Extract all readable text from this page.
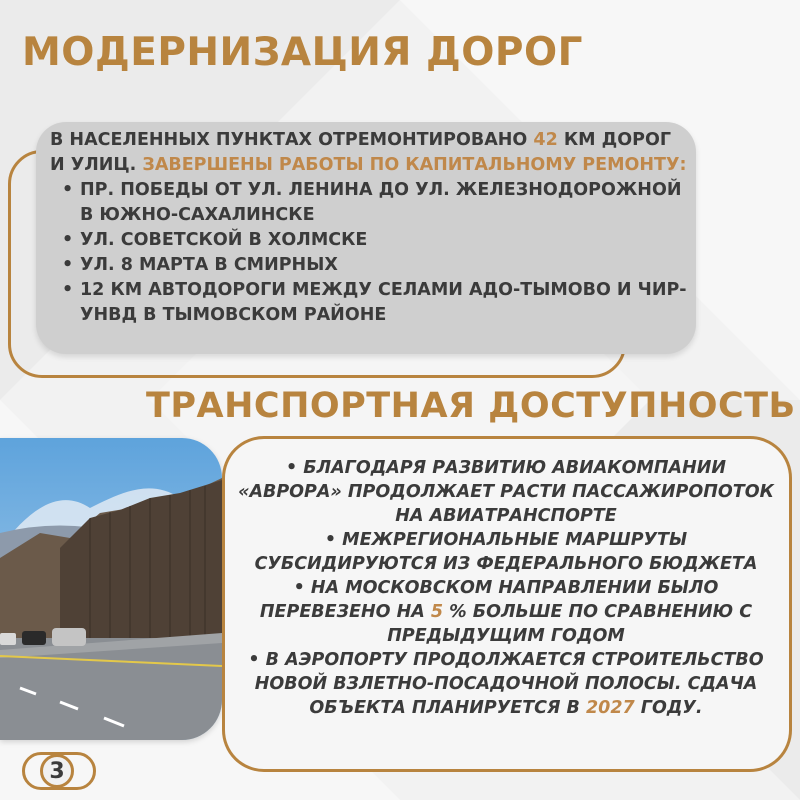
МОДЕРНИЗАЦИЯ ДОРОГ

В НАСЕЛЕННЫХ ПУНКТАХ ОТРЕМОНТИРОВАНО 42 КМ ДОРОГ И УЛИЦ. ЗАВЕРШЕНЫ РАБОТЫ ПО КАПИТАЛЬНОМУ РЕМОНТУ:

• ПР. ПОБЕДЫ ОТ УЛ. ЛЕНИНА ДО УЛ. ЖЕЛЕЗНОДОРОЖНОЙ В ЮЖНО-САХАЛИНСКЕ
• УЛ. СОВЕТСКОЙ В ХОЛМСКЕ
• УЛ. 8 МАРТА В СМИРНЫХ
• 12 КМ АВТОДОРОГИ МЕЖДУ СЕЛАМИ АДО-ТЫМОВО И ЧИР-УНВД В ТЫМОВСКОМ РАЙОНЕ
ТРАНСПОРТНАЯ ДОСТУПНОСТЬ

• БЛАГОДАРЯ РАЗВИТИЮ АВИАКОМПАНИИ «АВРОРА» ПРОДОЛЖАЕТ РАСТИ ПАССАЖИРОПОТОК НА АВИАТРАНСПОРТЕ

• МЕЖРЕГИОНАЛЬНЫЕ МАРШРУТЫ СУБСИДИРУЮТСЯ ИЗ ФЕДЕРАЛЬНОГО БЮДЖЕТА

• НА МОСКОВСКОМ НАПРАВЛЕНИИ БЫЛО ПЕРЕВЕЗЕНО НА 5 % БОЛЬШЕ ПО СРАВНЕНИЮ С ПРЕДЫДУЩИМ ГОДОМ

• В АЭРОПОРТУ ПРОДОЛЖАЕТСЯ СТРОИТЕЛЬСТВО НОВОЙ ВЗЛЕТНО-ПОСАДОЧНОЙ ПОЛОСЫ. СДАЧА ОБЪЕКТА ПЛАНИРУЕТСЯ В 2027 ГОДУ.

3
